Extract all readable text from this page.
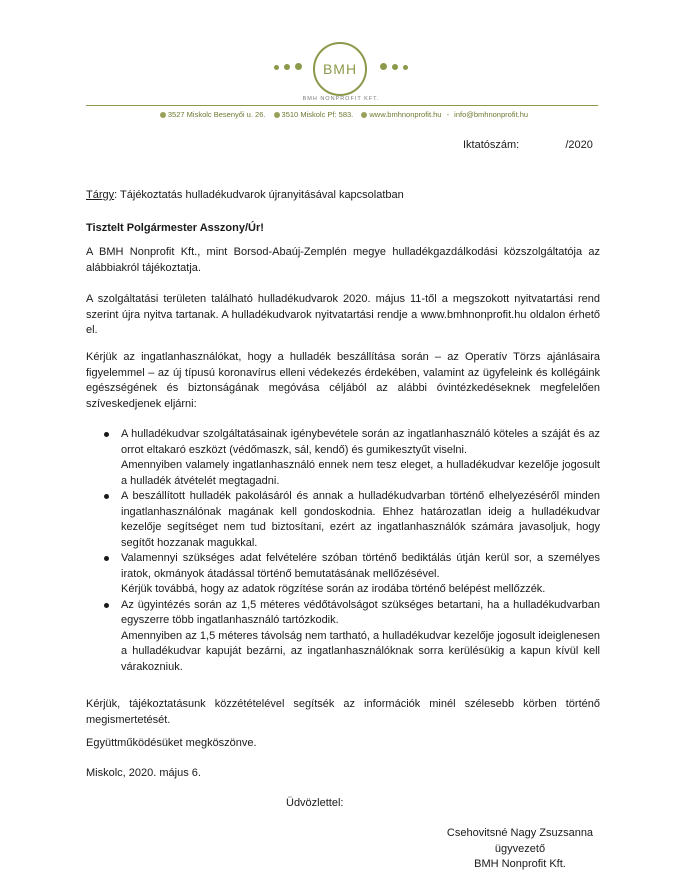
BMH
BMH NONPROFIT KFT.
3527 Miskolc Besenyői u. 26. 3510 Miskolc Pf: 583. www.bmhnonprofit.hu - info@bmhnonprofit.hu
Iktatószám:	/2020
Tárgy: Tájékoztatás hulladékudvarok újranyitásával kapcsolatban
Tisztelt Polgármester Asszony/Úr!
A BMH Nonprofit Kft., mint Borsod-Abaúj-Zemplén megye hulladékgazdálkodási közszolgáltatója az alábbiakról tájékoztatja.
A szolgáltatási területen található hulladékudvarok 2020. május 11-től a megszokott nyitvatartási rend szerint újra nyitva tartanak. A hulladékudvarok nyitvatartási rendje a www.bmhnonprofit.hu oldalon érhető el.
Kérjük az ingatlanhasználókat, hogy a hulladék beszállítása során – az Operatív Törzs ajánlásaira figyelemmel – az új típusú koronavírus elleni védekezés érdekében, valamint az ügyfeleink és kollégáink egészségének és biztonságának megóvása céljából az alábbi óvintézkedéseknek megfelelően szíveskedjenek eljárni:

A hulladékudvar szolgáltatásainak igénybevétele során az ingatlanhasználó köteles a száját és az orrot eltakaró eszközt (védőmaszk, sál, kendő) és gumikesztyűt viselni.

Amennyiben valamely ingatlanhasználó ennek nem tesz eleget, a hulladékudvar kezelője jogosult a hulladék átvételét megtagadni.

A beszállított hulladék pakolásáról és annak a hulladékudvarban történő elhelyezéséről minden ingatlanhasználónak magának kell gondoskodnia. Ehhez határozatlan ideig a hulladékudvar kezelője segítséget nem tud biztosítani, ezért az ingatlanhasználók számára javasoljuk, hogy segítőt hozzanak magukkal.

Valamennyi szükséges adat felvételére szóban történő bediktálás útján kerül sor, a személyes iratok, okmányok átadással történő bemutatásának mellőzésével.

Kérjük továbbá, hogy az adatok rögzítése során az irodába történő belépést mellőzzék.

Az ügyintézés során az 1,5 méteres védőtávolságot szükséges betartani, ha a hulladékudvarban egyszerre több ingatlanhasználó tartózkodik.

Amennyiben az 1,5 méteres távolság nem tartható, a hulladékudvar kezelője jogosult ideiglenesen a hulladékudvar kapuját bezárni, az ingatlanhasználóknak sorra kerülésükig a kapun kívül kell várakozniuk.

Kérjük, tájékoztatásunk közzétételével segítsék az információk minél szélesebb körben történő megismertetését.
Együttműködésüket megköszönve.
Miskolc, 2020. május 6.
Üdvözlettel:
Csehovitsné Nagy Zsuzsanna
ügyvezető
BMH Nonprofit Kft.
